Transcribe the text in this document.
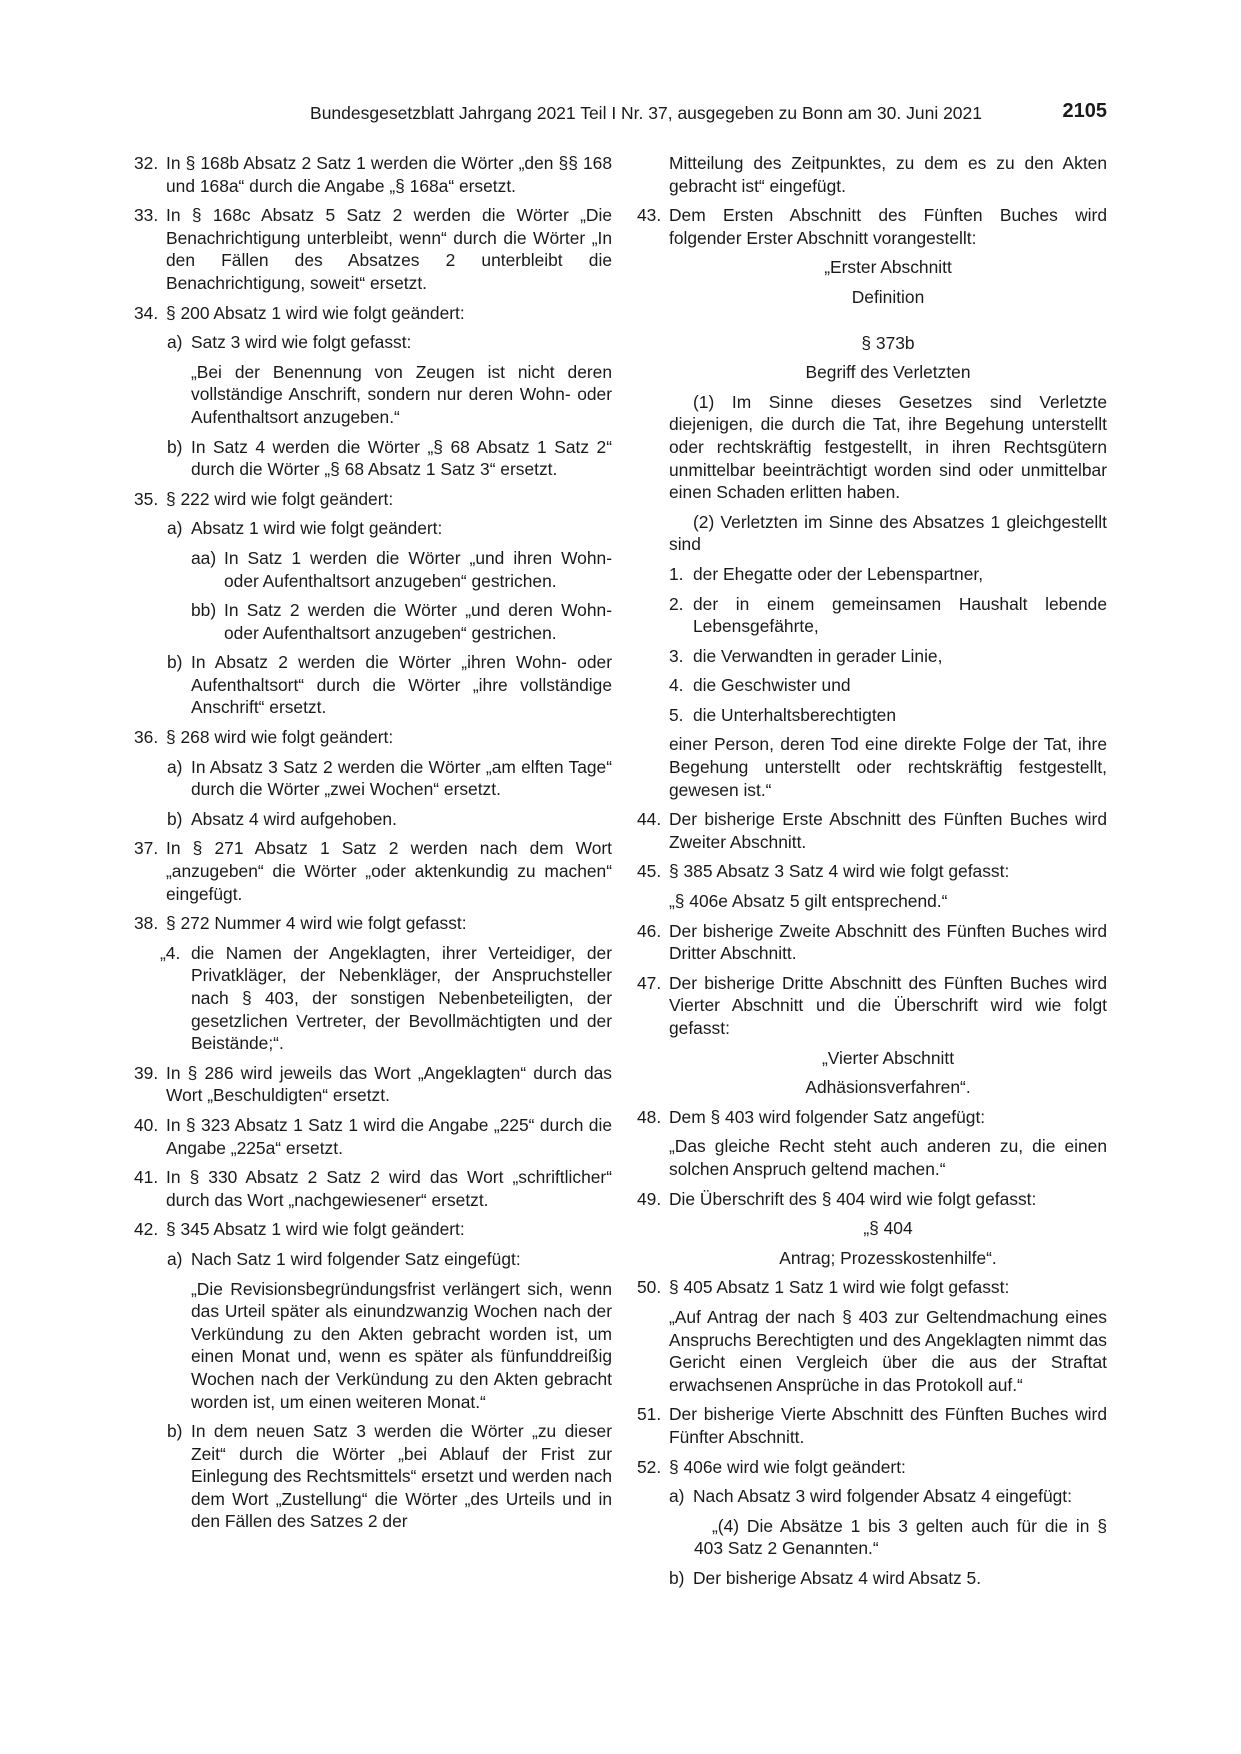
Bundesgesetzblatt Jahrgang 2021 Teil I Nr. 37, ausgegeben zu Bonn am 30. Juni 2021	2105
32. In § 168b Absatz 2 Satz 1 werden die Wörter „den §§ 168 und 168a“ durch die Angabe „§ 168a“ ersetzt.
33. In § 168c Absatz 5 Satz 2 werden die Wörter „Die Benachrichtigung unterbleibt, wenn“ durch die Wörter „In den Fällen des Absatzes 2 unterbleibt die Benachrichtigung, soweit“ ersetzt.
34. § 200 Absatz 1 wird wie folgt geändert:
a) Satz 3 wird wie folgt gefasst:
„Bei der Benennung von Zeugen ist nicht deren vollständige Anschrift, sondern nur deren Wohn- oder Aufenthaltsort anzugeben.“
b) In Satz 4 werden die Wörter „§ 68 Absatz 1 Satz 2“ durch die Wörter „§ 68 Absatz 1 Satz 3“ ersetzt.
35. § 222 wird wie folgt geändert:
a) Absatz 1 wird wie folgt geändert:
aa) In Satz 1 werden die Wörter „und ihren Wohn- oder Aufenthaltsort anzugeben“ gestrichen.
bb) In Satz 2 werden die Wörter „und deren Wohn- oder Aufenthaltsort anzugeben“ gestrichen.
b) In Absatz 2 werden die Wörter „ihren Wohn- oder Aufenthaltsort“ durch die Wörter „ihre vollständige Anschrift“ ersetzt.
36. § 268 wird wie folgt geändert:
a) In Absatz 3 Satz 2 werden die Wörter „am elften Tage“ durch die Wörter „zwei Wochen“ ersetzt.
b) Absatz 4 wird aufgehoben.
37. In § 271 Absatz 1 Satz 2 werden nach dem Wort „anzugeben“ die Wörter „oder aktenkundig zu machen“ eingefügt.
38. § 272 Nummer 4 wird wie folgt gefasst:
„4. die Namen der Angeklagten, ihrer Verteidiger, der Privatkläger, der Nebenkläger, der Anspruchsteller nach § 403, der sonstigen Nebenbeteiligten, der gesetzlichen Vertreter, der Bevollmächtigten und der Beistände;“.
39. In § 286 wird jeweils das Wort „Angeklagten“ durch das Wort „Beschuldigten“ ersetzt.
40. In § 323 Absatz 1 Satz 1 wird die Angabe „225“ durch die Angabe „225a“ ersetzt.
41. In § 330 Absatz 2 Satz 2 wird das Wort „schriftlicher“ durch das Wort „nachgewiesener“ ersetzt.
42. § 345 Absatz 1 wird wie folgt geändert:
a) Nach Satz 1 wird folgender Satz eingefügt:
„Die Revisionsbegründungsfrist verlängert sich, wenn das Urteil später als einundzwanzig Wochen nach der Verkündung zu den Akten gebracht worden ist, um einen Monat und, wenn es später als fünfunddreißig Wochen nach der Verkündung zu den Akten gebracht worden ist, um einen weiteren Monat.“
b) In dem neuen Satz 3 werden die Wörter „zu dieser Zeit“ durch die Wörter „bei Ablauf der Frist zur Einlegung des Rechtsmittels“ ersetzt und werden nach dem Wort „Zustellung“ die Wörter „des Urteils und in den Fällen des Satzes 2 der
Mitteilung des Zeitpunktes, zu dem es zu den Akten gebracht ist“ eingefügt.
43. Dem Ersten Abschnitt des Fünften Buches wird folgender Erster Abschnitt vorangestellt:
„Erster Abschnitt
Definition
§ 373b
Begriff des Verletzten
(1) Im Sinne dieses Gesetzes sind Verletzte diejenigen, die durch die Tat, ihre Begehung unterstellt oder rechtskräftig festgestellt, in ihren Rechtsgütern unmittelbar beeinträchtigt worden sind oder unmittelbar einen Schaden erlitten haben.
(2) Verletzten im Sinne des Absatzes 1 gleichgestellt sind
1. der Ehegatte oder der Lebenspartner,
2. der in einem gemeinsamen Haushalt lebende Lebensgefährte,
3. die Verwandten in gerader Linie,
4. die Geschwister und
5. die Unterhaltsberechtigten
einer Person, deren Tod eine direkte Folge der Tat, ihre Begehung unterstellt oder rechtskräftig festgestellt, gewesen ist.“
44. Der bisherige Erste Abschnitt des Fünften Buches wird Zweiter Abschnitt.
45. § 385 Absatz 3 Satz 4 wird wie folgt gefasst:
„§ 406e Absatz 5 gilt entsprechend.“
46. Der bisherige Zweite Abschnitt des Fünften Buches wird Dritter Abschnitt.
47. Der bisherige Dritte Abschnitt des Fünften Buches wird Vierter Abschnitt und die Überschrift wird wie folgt gefasst:
„Vierter Abschnitt
Adhäsionsverfahren“.
48. Dem § 403 wird folgender Satz angefügt:
„Das gleiche Recht steht auch anderen zu, die einen solchen Anspruch geltend machen.“
49. Die Überschrift des § 404 wird wie folgt gefasst:
„§ 404
Antrag; Prozesskostenhilfe“.
50. § 405 Absatz 1 Satz 1 wird wie folgt gefasst:
„Auf Antrag der nach § 403 zur Geltendmachung eines Anspruchs Berechtigten und des Angeklagten nimmt das Gericht einen Vergleich über die aus der Straftat erwachsenen Ansprüche in das Protokoll auf.“
51. Der bisherige Vierte Abschnitt des Fünften Buches wird Fünfter Abschnitt.
52. § 406e wird wie folgt geändert:
a) Nach Absatz 3 wird folgender Absatz 4 eingefügt:
„(4) Die Absätze 1 bis 3 gelten auch für die in § 403 Satz 2 Genannten.“
b) Der bisherige Absatz 4 wird Absatz 5.
